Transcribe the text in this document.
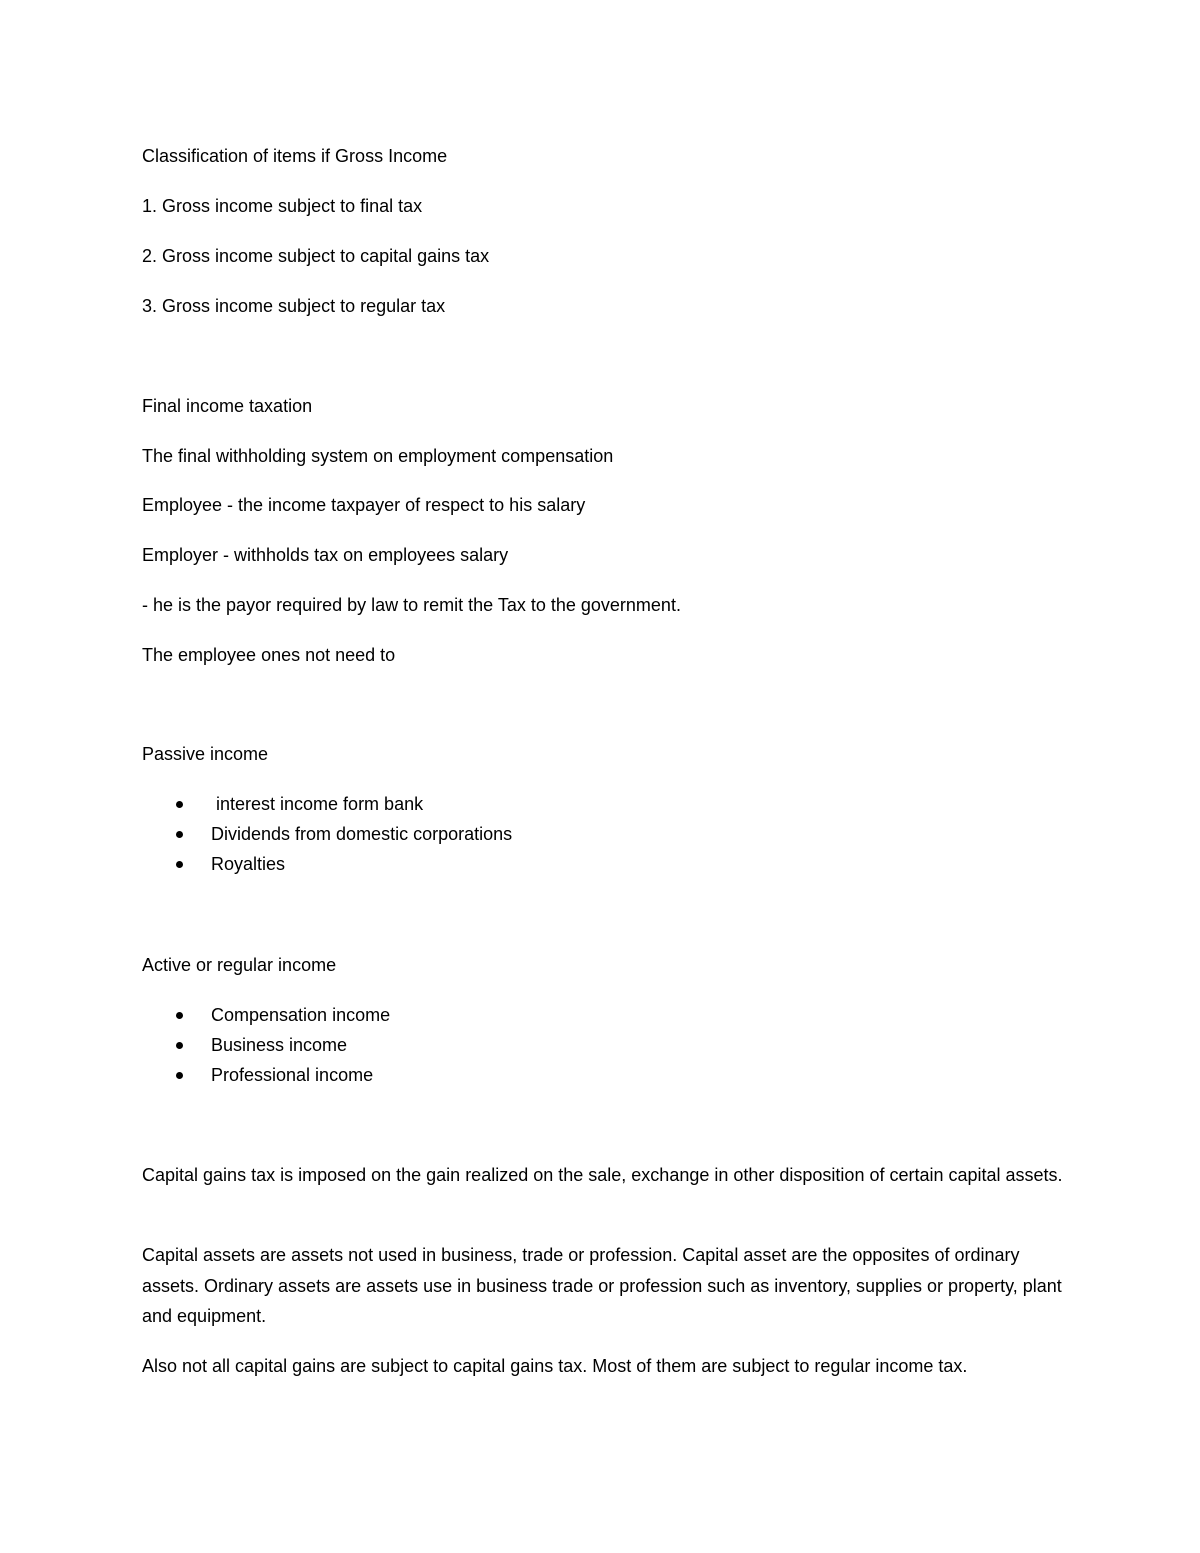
Classification of items if Gross Income
1. Gross income subject to final tax
2. Gross income subject to capital gains tax
3. Gross income subject to regular tax
Final income taxation
The final withholding system on employment compensation
Employee - the income taxpayer of respect to his salary
Employer - withholds tax on employees salary
- he is the payor required by law to remit the Tax to the government.
The employee ones not need to
Passive income
interest income form bank
Dividends from domestic corporations
Royalties
Active or regular income
Compensation income
Business income
Professional income
Capital gains tax is imposed on the gain realized on the sale, exchange in other disposition of certain capital assets.
Capital assets are assets not used in business, trade or profession. Capital asset are the opposites of ordinary assets. Ordinary assets are assets use in business trade or profession such as inventory, supplies or property, plant and equipment.
Also not all capital gains are subject to capital gains tax. Most of them are subject to regular income tax.
